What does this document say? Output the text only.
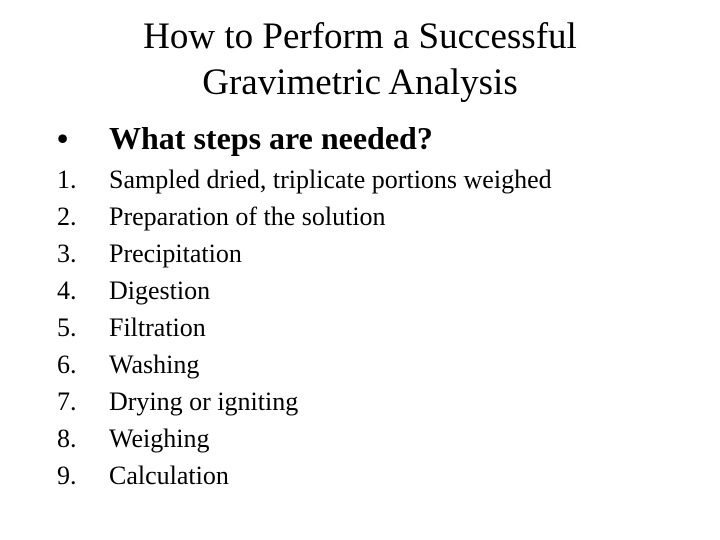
How to Perform a Successful
Gravimetric Analysis
•	What steps are needed?
1.	Sampled dried, triplicate portions weighed
2.	Preparation of the solution
3.	Precipitation
4.	Digestion
5.	Filtration
6.	Washing
7.	Drying or igniting
8.	Weighing
9.	Calculation
